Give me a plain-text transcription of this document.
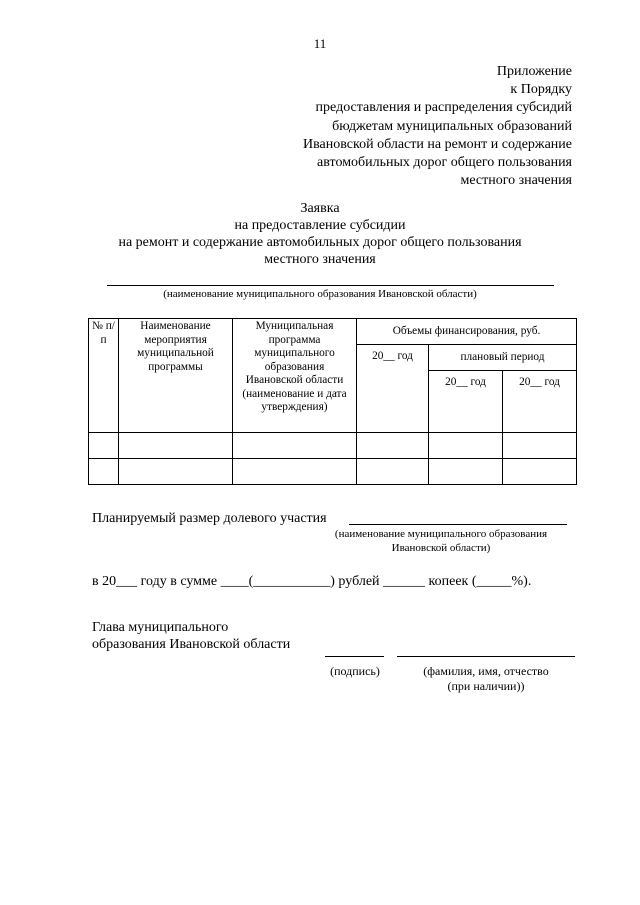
11
Приложение
к Порядку
предоставления и распределения субсидий
бюджетам муниципальных образований
Ивановской области на ремонт и содержание
автомобильных дорог общего пользования
местного значения
Заявка
на предоставление субсидии
на ремонт и содержание автомобильных дорог общего пользования
местного значения
(наименование муниципального образования Ивановской области)
№ п/п	Наименование мероприятия муниципальной программы	Муниципальная программа муниципального образования Ивановской области (наименование и дата утверждения)	Объемы финансирования, руб.		
			20__ год	плановый период	
				20__ год	20__ год

Планируемый размер долевого участия
(наименование муниципального образования
Ивановской области)
в 20___ году в сумме ____(___________) рублей ______ копеек (_____%).
Глава муниципального
образования Ивановской области
(подпись)	(фамилия, имя, отчество
(при наличии))
